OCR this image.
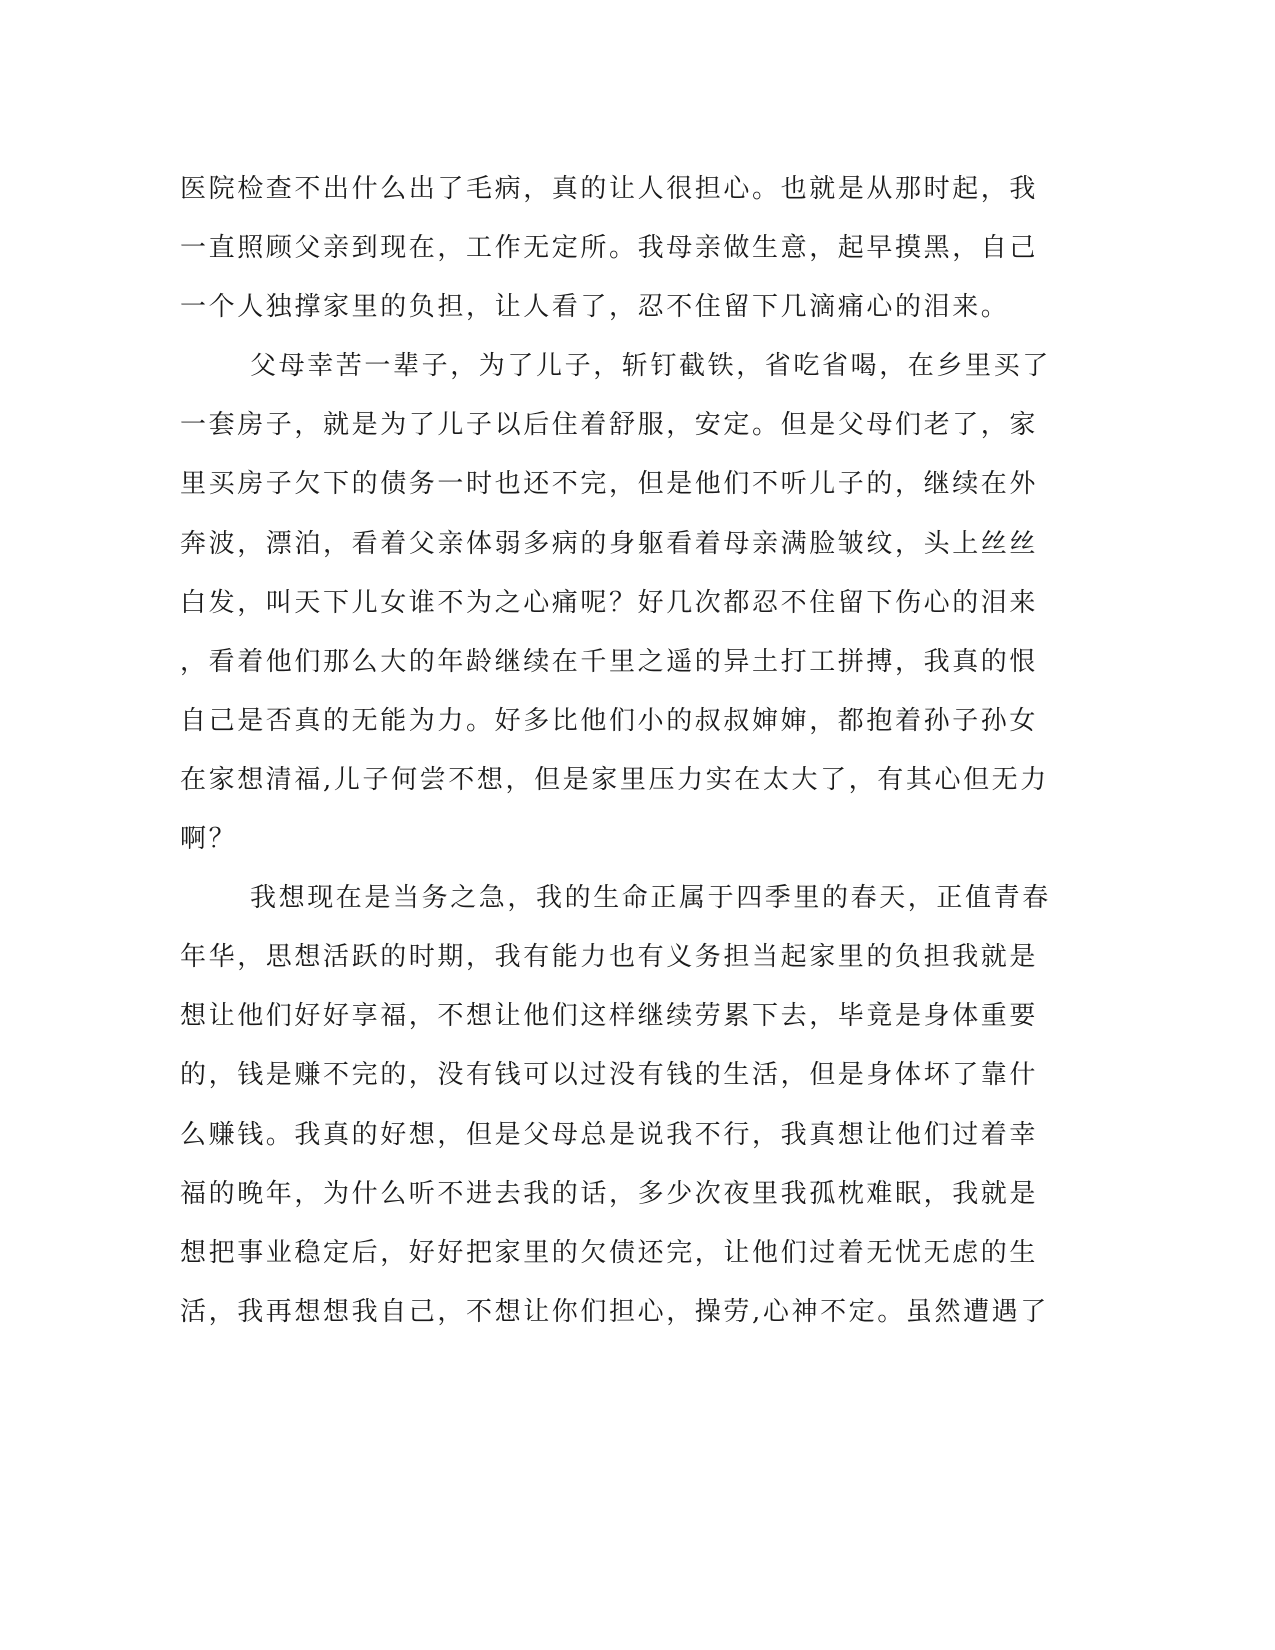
医院检查不出什么出了毛病，真的让人很担心。也就是从那时起，我
一直照顾父亲到现在，工作无定所。我母亲做生意，起早摸黑，自己
一个人独撑家里的负担，让人看了，忍不住留下几滴痛心的泪来。
父母幸苦一辈子，为了儿子，斩钉截铁，省吃省喝，在乡里买了
一套房子，就是为了儿子以后住着舒服，安定。但是父母们老了，家
里买房子欠下的债务一时也还不完，但是他们不听儿子的，继续在外
奔波，漂泊，看着父亲体弱多病的身躯看着母亲满脸皱纹，头上丝丝
白发，叫天下儿女谁不为之心痛呢？好几次都忍不住留下伤心的泪来
，看着他们那么大的年龄继续在千里之遥的异土打工拼搏，我真的恨
自己是否真的无能为力。好多比他们小的叔叔婶婶，都抱着孙子孙女
在家想清福,儿子何尝不想，但是家里压力实在太大了，有其心但无力
啊？
我想现在是当务之急，我的生命正属于四季里的春天，正值青春
年华，思想活跃的时期，我有能力也有义务担当起家里的负担我就是
想让他们好好享福，不想让他们这样继续劳累下去，毕竟是身体重要
的，钱是赚不完的，没有钱可以过没有钱的生活，但是身体坏了靠什
么赚钱。我真的好想，但是父母总是说我不行，我真想让他们过着幸
福的晚年，为什么听不进去我的话，多少次夜里我孤枕难眠，我就是
想把事业稳定后，好好把家里的欠债还完，让他们过着无忧无虑的生
活，我再想想我自己，不想让你们担心，操劳,心神不定。虽然遭遇了
